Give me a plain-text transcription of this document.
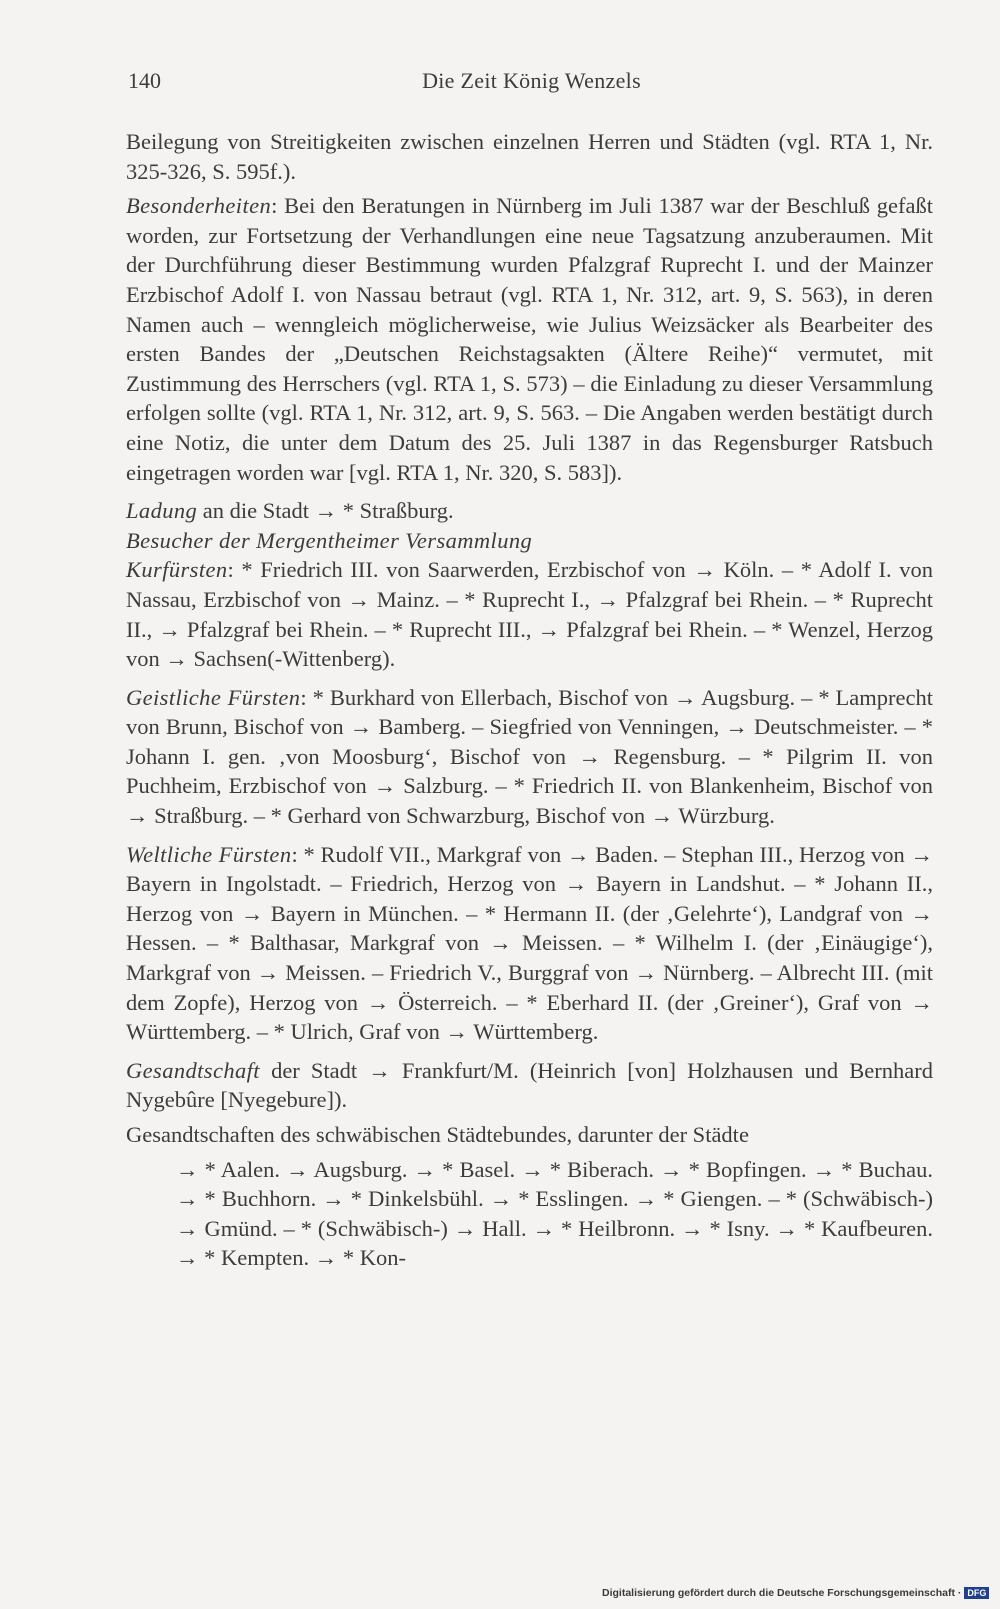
140	Die Zeit König Wenzels

Beilegung von Streitigkeiten zwischen einzelnen Herren und Städten (vgl. RTA 1, Nr. 325-326, S. 595f.).

Besonderheiten: Bei den Beratungen in Nürnberg im Juli 1387 war der Beschluß gefaßt worden, zur Fortsetzung der Verhandlungen eine neue Tagsatzung anzuberaumen. Mit der Durchführung dieser Bestimmung wurden Pfalzgraf Ruprecht I. und der Mainzer Erzbischof Adolf I. von Nassau betraut (vgl. RTA 1, Nr. 312, art. 9, S. 563), in deren Namen auch – wenngleich möglicherweise, wie Julius Weizsäcker als Bearbeiter des ersten Bandes der „Deutschen Reichstagsakten (Ältere Reihe)“ vermutet, mit Zustimmung des Herrschers (vgl. RTA 1, S. 573) – die Einladung zu dieser Versammlung erfolgen sollte (vgl. RTA 1, Nr. 312, art. 9, S. 563. – Die Angaben werden bestätigt durch eine Notiz, die unter dem Datum des 25. Juli 1387 in das Regensburger Ratsbuch eingetragen worden war [vgl. RTA 1, Nr. 320, S. 583]).

Ladung an die Stadt → * Straßburg.

Besucher der Mergentheimer Versammlung

Kurfürsten: * Friedrich III. von Saarwerden, Erzbischof von → Köln. – * Adolf I. von Nassau, Erzbischof von → Mainz. – * Ruprecht I., → Pfalzgraf bei Rhein. – * Ruprecht II., → Pfalzgraf bei Rhein. – * Ruprecht III., → Pfalzgraf bei Rhein. – * Wenzel, Herzog von → Sachsen(-Wittenberg).

Geistliche Fürsten: * Burkhard von Ellerbach, Bischof von → Augsburg. – * Lamprecht von Brunn, Bischof von → Bamberg. – Siegfried von Venningen, → Deutschmeister. – * Johann I. gen. ‚von Moosburg‘, Bischof von → Regensburg. – * Pilgrim II. von Puchheim, Erzbischof von → Salzburg. – * Friedrich II. von Blankenheim, Bischof von → Straßburg. – * Gerhard von Schwarzburg, Bischof von → Würzburg.

Weltliche Fürsten: * Rudolf VII., Markgraf von → Baden. – Stephan III., Herzog von → Bayern in Ingolstadt. – Friedrich, Herzog von → Bayern in Landshut. – * Johann II., Herzog von → Bayern in München. – * Hermann II. (der ‚Gelehrte‘), Landgraf von → Hessen. – * Balthasar, Markgraf von → Meissen. – * Wilhelm I. (der ‚Einäugige‘), Markgraf von → Meissen. – Friedrich V., Burggraf von → Nürnberg. – Albrecht III. (mit dem Zopfe), Herzog von → Österreich. – * Eberhard II. (der ‚Greiner‘), Graf von → Württemberg. – * Ulrich, Graf von → Württemberg.

Gesandtschaft der Stadt → Frankfurt/M. (Heinrich [von] Holzhausen und Bernhard Nygebûre [Nyegebure]).

Gesandtschaften des schwäbischen Städtebundes, darunter der Städte

→ * Aalen. → Augsburg. → * Basel. → * Biberach. → * Bopfingen. → * Buchau. → * Buchhorn. → * Dinkelsbühl. → * Esslingen. → * Giengen. – * (Schwäbisch-) → Gmünd. – * (Schwäbisch-) → Hall. → * Heilbronn. → * Isny. → * Kaufbeuren. → * Kempten. → * Kon-

Digitalisierung gefördert durch die Deutsche Forschungsgemeinschaft · DFG
